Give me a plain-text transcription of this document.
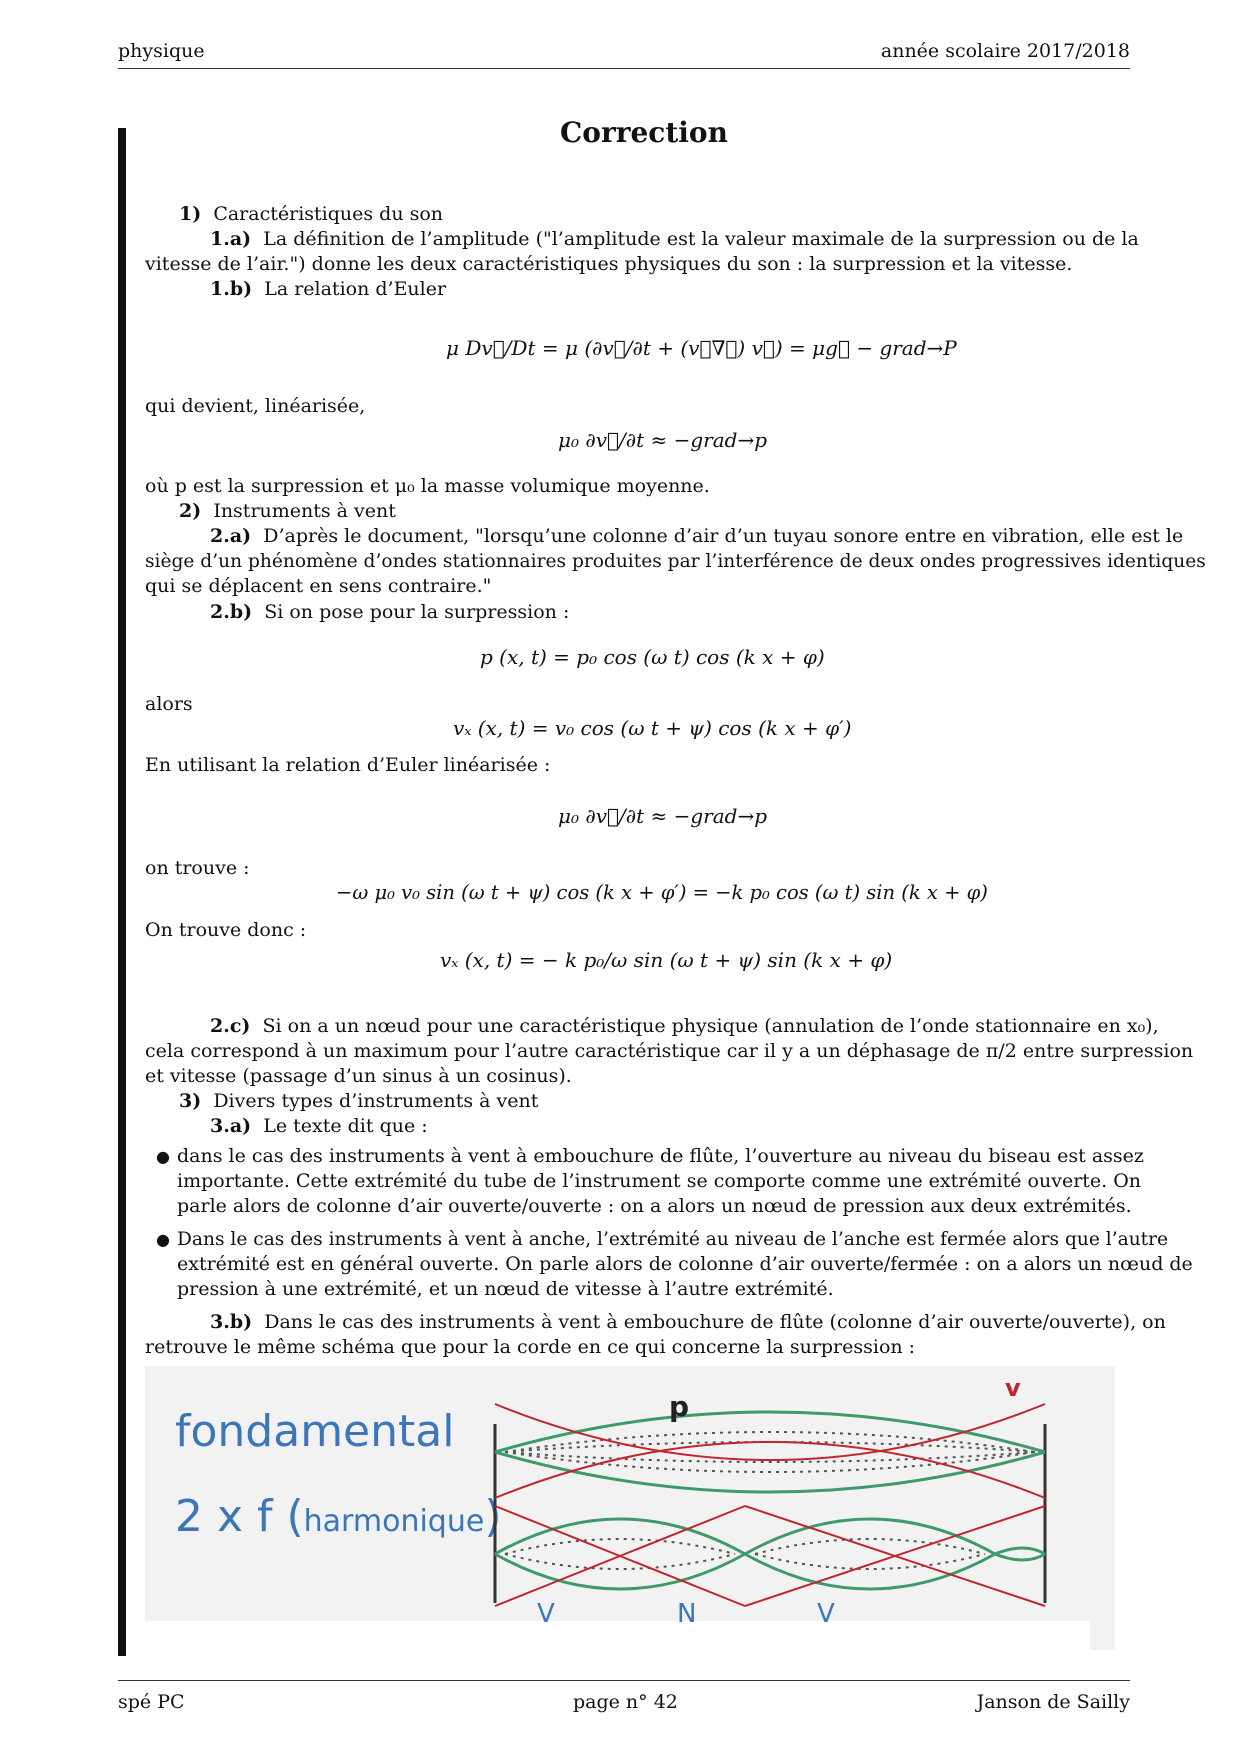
physique	année scolaire 2017/2018
Correction
1) Caractéristiques du son
1.a) La définition de l’amplitude ("l’amplitude est la valeur maximale de la surpression ou de la
vitesse de l’air.") donne les deux caractéristiques physiques du son : la surpression et la vitesse.
1.b) La relation d’Euler
μ Dv⃗/Dt = μ (∂v⃗/∂t + (v⃗∇⃗) v⃗) = μg⃗ − grad→P
qui devient, linéarisée,
μ₀ ∂v⃗/∂t ≈ −grad→p
où p est la surpression et μ₀ la masse volumique moyenne.
2) Instruments à vent
2.a) D’après le document, "lorsqu’une colonne d’air d’un tuyau sonore entre en vibration, elle est le
siège d’un phénomène d’ondes stationnaires produites par l’interférence de deux ondes progressives identiques
qui se déplacent en sens contraire."
2.b) Si on pose pour la surpression :
p (x, t) = p₀ cos (ω t) cos (k x + φ)
alors
vₓ (x, t) = v₀ cos (ω t + ψ) cos (k x + φ′)
En utilisant la relation d’Euler linéarisée :
μ₀ ∂v⃗/∂t ≈ −grad→p
on trouve :
−ω μ₀ v₀ sin (ω t + ψ) cos (k x + φ′) = −k p₀ cos (ω t) sin (k x + φ)
On trouve donc :
vₓ (x, t) = − k p₀/ω sin (ω t + ψ) sin (k x + φ)
2.c) Si on a un nœud pour une caractéristique physique (annulation de l’onde stationnaire en x₀),
cela correspond à un maximum pour l’autre caractéristique car il y a un déphasage de π/2 entre surpression
et vitesse (passage d’un sinus à un cosinus).
3) Divers types d’instruments à vent
3.a) Le texte dit que :
● dans le cas des instruments à vent à embouchure de flûte, l’ouverture au niveau du biseau est assez
importante. Cette extrémité du tube de l’instrument se comporte comme une extrémité ouverte. On
parle alors de colonne d’air ouverte/ouverte : on a alors un nœud de pression aux deux extrémités.
● Dans le cas des instruments à vent à anche, l’extrémité au niveau de l’anche est fermée alors que l’autre
extrémité est en général ouverte. On parle alors de colonne d’air ouverte/fermée : on a alors un nœud de
pression à une extrémité, et un nœud de vitesse à l’autre extrémité.
3.b) Dans le cas des instruments à vent à embouchure de flûte (colonne d’air ouverte/ouverte), on
retrouve le même schéma que pour la corde en ce qui concerne la surpression :
fondamental
2 x f (harmonique)
p
v
V	N	V
spé PC	page n° 42	Janson de Sailly
